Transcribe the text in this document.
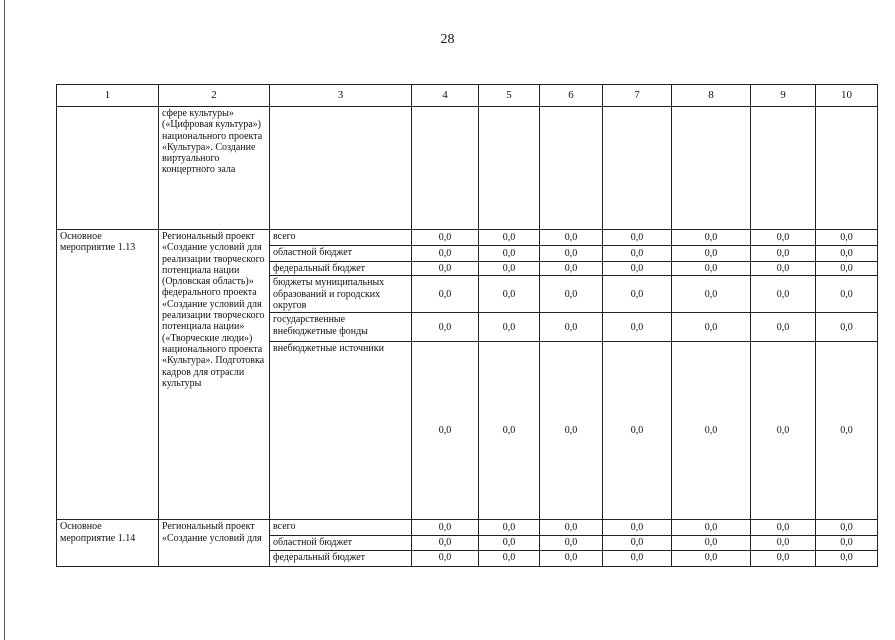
28
1	2	3	4	5	6	7	8	9	10
	сфере культуры» («Цифровая культура») национального проекта «Культура». Создание виртуального концертного зала								
Основное мероприятие 1.13	Региональный проект «Создание условий для реализации творческого потенциала нации (Орловская область)» федерального проекта «Создание условий для реализации творческого потенциала нации» («Творческие люди») национального проекта «Культура». Подготовка кадров для отрасли культуры	всего	0,0	0,0	0,0	0,0	0,0	0,0	0,0
		областной бюджет	0,0	0,0	0,0	0,0	0,0	0,0	0,0
		федеральный бюджет	0,0	0,0	0,0	0,0	0,0	0,0	0,0
		бюджеты муниципальных образований и городских округов	0,0	0,0	0,0	0,0	0,0	0,0	0,0
		государственные внебюджетные фонды	0,0	0,0	0,0	0,0	0,0	0,0	0,0
		внебюджетные источники	0,0	0,0	0,0	0,0	0,0	0,0	0,0
Основное мероприятие 1.14	Региональный проект «Создание условий для	всего	0,0	0,0	0,0	0,0	0,0	0,0	0,0
		областной бюджет	0,0	0,0	0,0	0,0	0,0	0,0	0,0
		федеральный бюджет	0,0	0,0	0,0	0,0	0,0	0,0	0,0
